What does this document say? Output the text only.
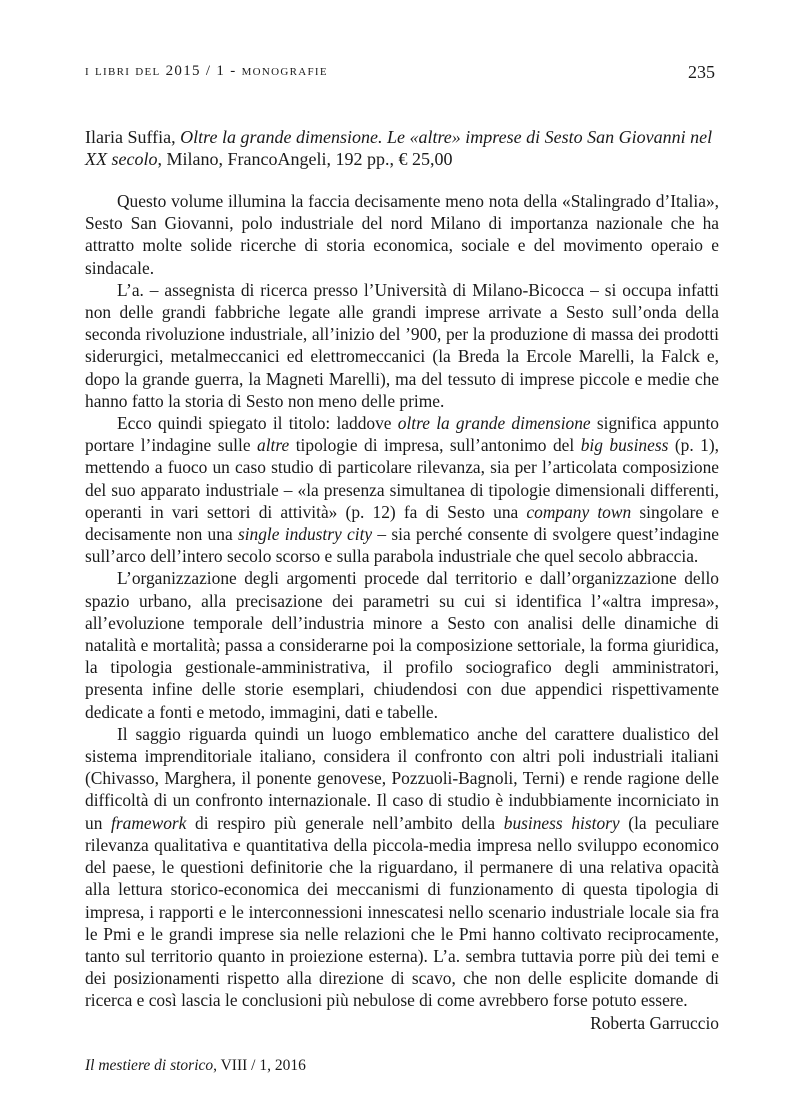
i libri del 2015 / 1 - monografie	235
Ilaria Suffia, Oltre la grande dimensione. Le «altre» imprese di Sesto San Giovanni nel XX secolo, Milano, FrancoAngeli, 192 pp., € 25,00

Questo volume illumina la faccia decisamente meno nota della «Stalingrado d’Italia», Sesto San Giovanni, polo industriale del nord Milano di importanza nazionale che ha attratto molte solide ricerche di storia economica, sociale e del movimento operaio e sindacale.

L’a. – assegnista di ricerca presso l’Università di Milano-Bicocca – si occupa infatti non delle grandi fabbriche legate alle grandi imprese arrivate a Sesto sull’onda della seconda rivoluzione industriale, all’inizio del ’900, per la produzione di massa dei prodotti siderurgici, metalmeccanici ed elettromeccanici (la Breda la Ercole Marelli, la Falck e, dopo la grande guerra, la Magneti Marelli), ma del tessuto di imprese piccole e medie che hanno fatto la storia di Sesto non meno delle prime.

Ecco quindi spiegato il titolo: laddove oltre la grande dimensione significa appunto portare l’indagine sulle altre tipologie di impresa, sull’antonimo del big business (p. 1), mettendo a fuoco un caso studio di particolare rilevanza, sia per l’articolata composizione del suo apparato industriale – «la presenza simultanea di tipologie dimensionali differenti, operanti in vari settori di attività» (p. 12) fa di Sesto una company town singolare e decisamente non una single industry city – sia perché consente di svolgere quest’indagine sull’arco dell’intero secolo scorso e sulla parabola industriale che quel secolo abbraccia.

L’organizzazione degli argomenti procede dal territorio e dall’organizzazione dello spazio urbano, alla precisazione dei parametri su cui si identifica l’«altra impresa», all’evoluzione temporale dell’industria minore a Sesto con analisi delle dinamiche di natalità e mortalità; passa a considerarne poi la composizione settoriale, la forma giuridica, la tipologia gestionale-amministrativa, il profilo sociografico degli amministratori, presenta infine delle storie esemplari, chiudendosi con due appendici rispettivamente dedicate a fonti e metodo, immagini, dati e tabelle.

Il saggio riguarda quindi un luogo emblematico anche del carattere dualistico del sistema imprenditoriale italiano, considera il confronto con altri poli industriali italiani (Chivasso, Marghera, il ponente genovese, Pozzuoli-Bagnoli, Terni) e rende ragione delle difficoltà di un confronto internazionale. Il caso di studio è indubbiamente incorniciato in un framework di respiro più generale nell’ambito della business history (la peculiare rilevanza qualitativa e quantitativa della piccola-media impresa nello sviluppo economico del paese, le questioni definitorie che la riguardano, il permanere di una relativa opacità alla lettura storico-economica dei meccanismi di funzionamento di questa tipologia di impresa, i rapporti e le interconnessioni innescatesi nello scenario industriale locale sia fra le Pmi e le grandi imprese sia nelle relazioni che le Pmi hanno coltivato reciprocamente, tanto sul territorio quanto in proiezione esterna). L’a. sembra tuttavia porre più dei temi e dei posizionamenti rispetto alla direzione di scavo, che non delle esplicite domande di ricerca e così lascia le conclusioni più nebulose di come avrebbero forse potuto essere.

Roberta Garruccio

Il mestiere di storico, VIII / 1, 2016
